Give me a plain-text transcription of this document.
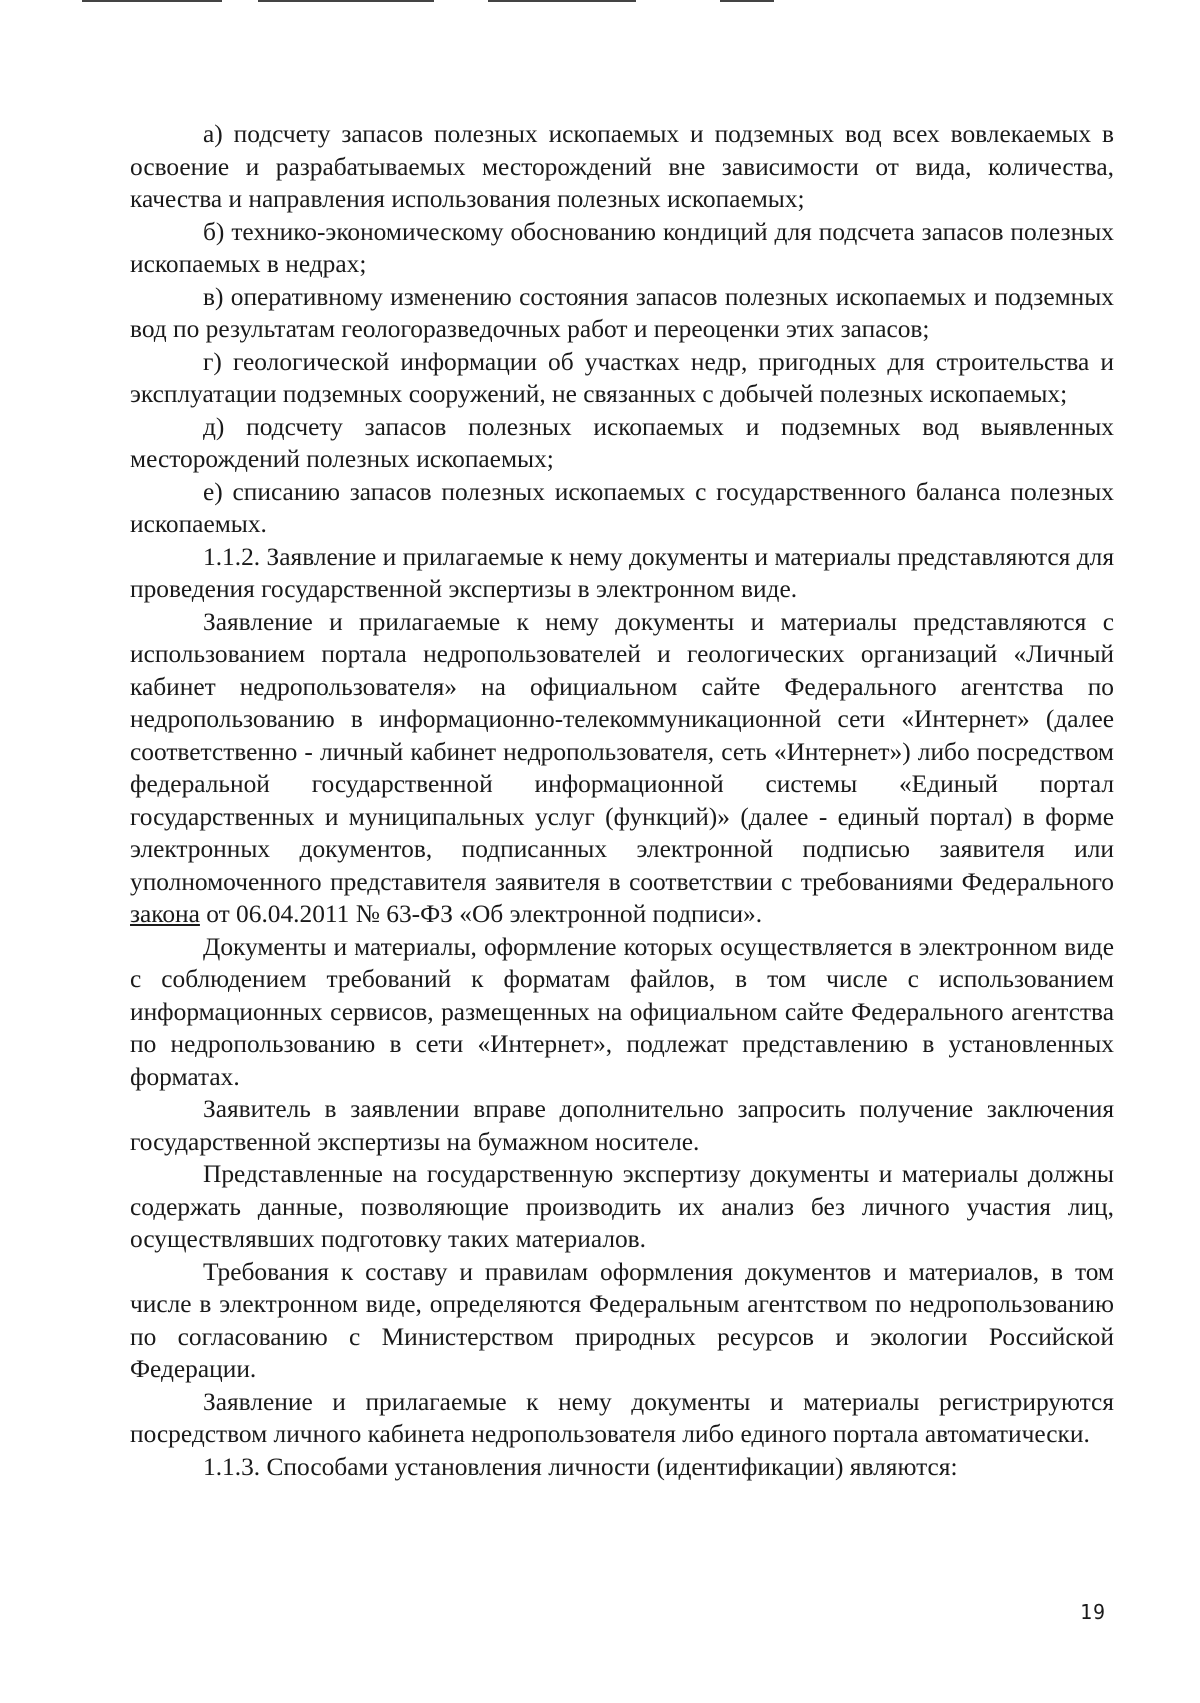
а) подсчету запасов полезных ископаемых и подземных вод всех вовлекаемых в освоение и разрабатываемых месторождений вне зависимости от вида, количества, качества и направления использования полезных ископаемых;

б) технико-экономическому обоснованию кондиций для подсчета запасов полезных ископаемых в недрах;

в) оперативному изменению состояния запасов полезных ископаемых и подземных вод по результатам геологоразведочных работ и переоценки этих запасов;

г) геологической информации об участках недр, пригодных для строительства и эксплуатации подземных сооружений, не связанных с добычей полезных ископаемых;

д) подсчету запасов полезных ископаемых и подземных вод выявленных месторождений полезных ископаемых;

е) списанию запасов полезных ископаемых с государственного баланса полезных ископаемых.

1.1.2. Заявление и прилагаемые к нему документы и материалы представляются для проведения государственной экспертизы в электронном виде.

Заявление и прилагаемые к нему документы и материалы представляются с использованием портала недропользователей и геологических организаций «Личный кабинет недропользователя» на официальном сайте Федерального агентства по недропользованию в информационно-телекоммуникационной сети «Интернет» (далее соответственно - личный кабинет недропользователя, сеть «Интернет») либо посредством федеральной государственной информационной системы «Единый портал государственных и муниципальных услуг (функций)» (далее - единый портал) в форме электронных документов, подписанных электронной подписью заявителя или уполномоченного представителя заявителя в соответствии с требованиями Федерального закона от 06.04.2011 № 63-ФЗ «Об электронной подписи».

Документы и материалы, оформление которых осуществляется в электронном виде с соблюдением требований к форматам файлов, в том числе с использованием информационных сервисов, размещенных на официальном сайте Федерального агентства по недропользованию в сети «Интернет», подлежат представлению в установленных форматах.

Заявитель в заявлении вправе дополнительно запросить получение заключения государственной экспертизы на бумажном носителе.

Представленные на государственную экспертизу документы и материалы должны содержать данные, позволяющие производить их анализ без личного участия лиц, осуществлявших подготовку таких материалов.

Требования к составу и правилам оформления документов и материалов, в том числе в электронном виде, определяются Федеральным агентством по недропользованию по согласованию с Министерством природных ресурсов и экологии Российской Федерации.

Заявление и прилагаемые к нему документы и материалы регистрируются посредством личного кабинета недропользователя либо единого портала автоматически.

1.1.3. Способами установления личности (идентификации) являются:

19
